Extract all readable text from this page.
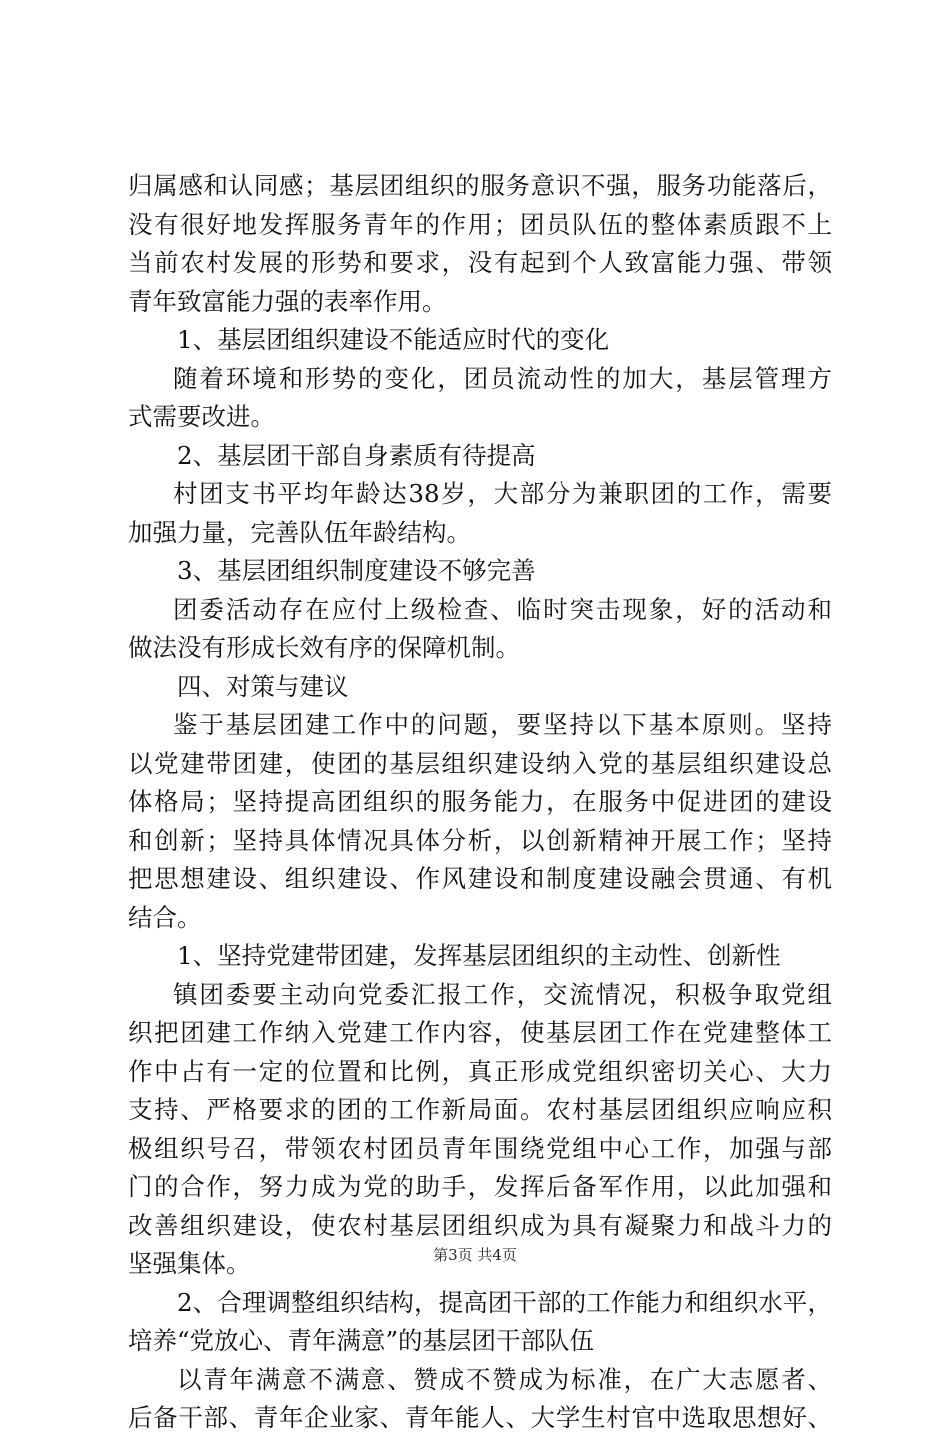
归属感和认同感；基层团组织的服务意识不强，服务功能落后，
没有很好地发挥服务青年的作用；团员队伍的整体素质跟不上
当前农村发展的形势和要求，没有起到个人致富能力强、带领
青年致富能力强的表率作用。
1、基层团组织建设不能适应时代的变化
随着环境和形势的变化，团员流动性的加大，基层管理方
式需要改进。
2、基层团干部自身素质有待提高
村团支书平均年龄达38岁，大部分为兼职团的工作，需要
加强力量，完善队伍年龄结构。
3、基层团组织制度建设不够完善
团委活动存在应付上级检查、临时突击现象，好的活动和
做法没有形成长效有序的保障机制。
四、对策与建议
鉴于基层团建工作中的问题，要坚持以下基本原则。坚持
以党建带团建，使团的基层组织建设纳入党的基层组织建设总
体格局；坚持提高团组织的服务能力，在服务中促进团的建设
和创新；坚持具体情况具体分析，以创新精神开展工作；坚持
把思想建设、组织建设、作风建设和制度建设融会贯通、有机
结合。
1、坚持党建带团建，发挥基层团组织的主动性、创新性
镇团委要主动向党委汇报工作，交流情况，积极争取党组
织把团建工作纳入党建工作内容，使基层团工作在党建整体工
作中占有一定的位置和比例，真正形成党组织密切关心、大力
支持、严格要求的团的工作新局面。农村基层团组织应响应积
极组织号召，带领农村团员青年围绕党组中心工作，加强与部
门的合作，努力成为党的助手，发挥后备军作用，以此加强和
改善组织建设，使农村基层团组织成为具有凝聚力和战斗力的
坚强集体。
2、合理调整组织结构，提高团干部的工作能力和组织水平，
培养“党放心、青年满意”的基层团干部队伍
以青年满意不满意、赞成不赞成为标准，在广大志愿者、
后备干部、青年企业家、青年能人、大学生村官中选取思想好、
第3页 共4页
